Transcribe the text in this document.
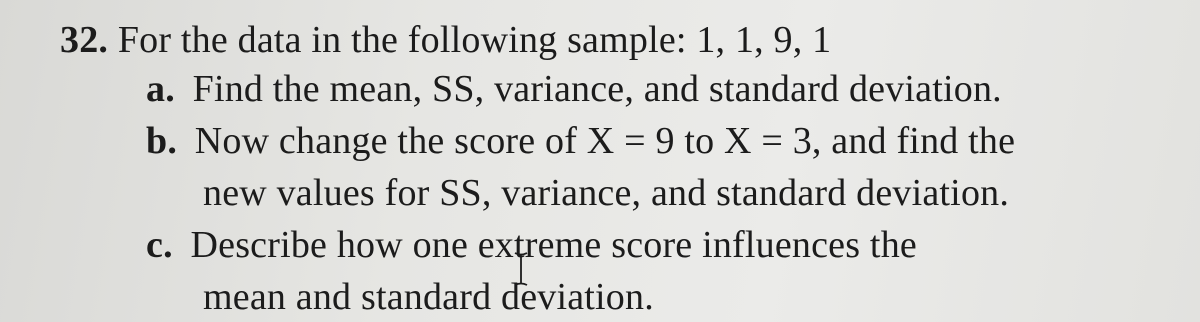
32. For the data in the following sample: 1, 1, 9, 1
a. Find the mean, SS, variance, and standard deviation.
b. Now change the score of X = 9 to X = 3, and find the
new values for SS, variance, and standard deviation.
c. Describe how one extreme score influences the
mean and standard deviation.
